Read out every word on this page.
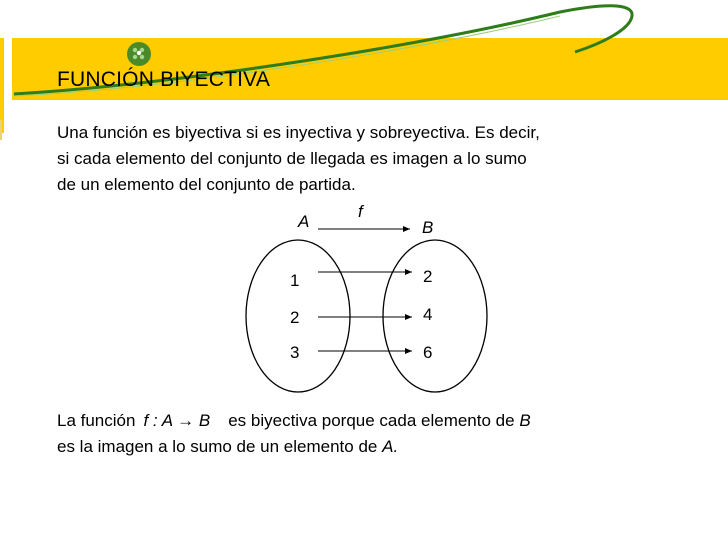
FUNCIÓN BIYECTIVA
Una función es biyectiva si es inyectiva y sobreyectiva. Es decir,
si cada elemento del conjunto de llegada es imagen a lo sumo
de un elemento del conjunto de partida.
f
A	B
1
2
3
2
4
6
La función f : A → B es biyectiva porque cada elemento de B
es la imagen a lo sumo de un elemento de A.
